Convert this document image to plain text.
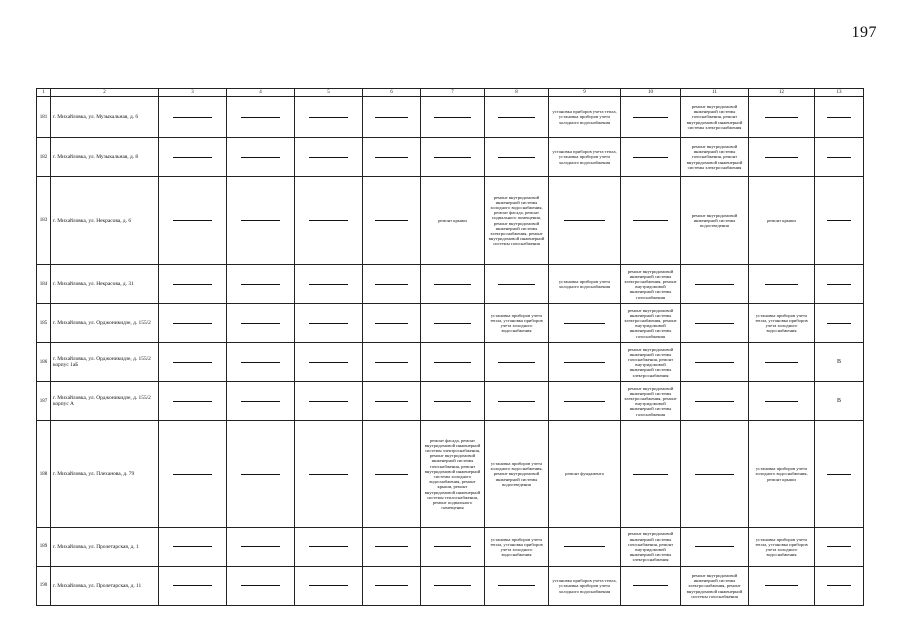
197
1	2	3	4	5	6	7	8	9	10	11	12	13
181	г. Михайловка, ул. Музыкальная, д. 6							установка приборов учета тепла, установка приборов учета холодного водоснабжения		ремонт внутридомовой инженерной системы газоснабжения, ремонт внутридомовой инженерной системы электроснабжения	

182	г. Михайловка, ул. Музыкальная, д. 8							установка приборов учета тепла, установка приборов учета холодного водоснабжения		ремонт внутридомовой инженерной системы газоснабжения, ремонт внутридомовой инженерной системы электроснабжения	

183	г. Михайловка, ул. Некрасова, д. 6					ремонт крыши	ремонт внутридомовой инженерной системы холодного водоснабжения, ремонт фасада, ремонт подвального помещения, ремонт внутридомовой инженерной системы электроснабжения, ремонт внутридомовой инженерной системы газоснабжения			ремонт внутридомовой инженерной системы водоотведения	ремонт крыши	

184	г. Михайловка, ул. Некрасова, д. 31							установка приборов учета холодного водоснабжения	ремонт внутридомовой инженерной системы электроснабжения, ремонт внутридомовой инженерной системы газоснабжения	

185	г. Михайловка, ул. Орджоникидзе, д. 155/2						установка приборов учета тепла, установка приборов учета холодного водоснабжения		ремонт внутридомовой инженерной системы электроснабжения, ремонт внутридомовой инженерной системы газоснабжения		установка приборов учета тепла, установка приборов учета холодного водоснабжения	

186	г. Михайловка, ул. Орджоникидзе, д. 155/2 корпус 1аБ								ремонт внутридомовой инженерной системы газоснабжения, ремонт внутридомовой инженерной системы электроснабжения			В
187	г. Михайловка, ул. Орджоникидзе, д. 155/2 корпус А								ремонт внутридомовой инженерной системы электроснабжения, ремонт внутридомовой инженерной системы газоснабжения			В
188	г. Михайловка, ул. Плеханова, д. 79					ремонт фасада, ремонт внутридомовой инженерной системы электроснабжения, ремонт внутридомовой инженерной системы газоснабжения, ремонт внутридомовой инженерной системы холодного водоснабжения, ремонт крыши, ремонт внутридомовой инженерной системы теплоснабжения, ремонт подвального помещения	установка приборов учета холодного водоснабжения, ремонт внутридомовой инженерной системы водоотведения	ремонт фундамента			установка приборов учета холодного водоснабжения, ремонт крыши	

189	г. Михайловка, ул. Пролетарская, д. 1						установка приборов учета тепла, установка приборов учета холодного водоснабжения		ремонт внутридомовой инженерной системы газоснабжения, ремонт внутридомовой инженерной системы электроснабжения		установка приборов учета тепла, установка приборов учета холодного водоснабжения	

190	г. Михайловка, ул. Пролетарская, д. 11							установка приборов учета тепла, установка приборов учета холодного водоснабжения		ремонт внутридомовой инженерной системы электроснабжения, ремонт внутридомовой инженерной системы газоснабжения	
